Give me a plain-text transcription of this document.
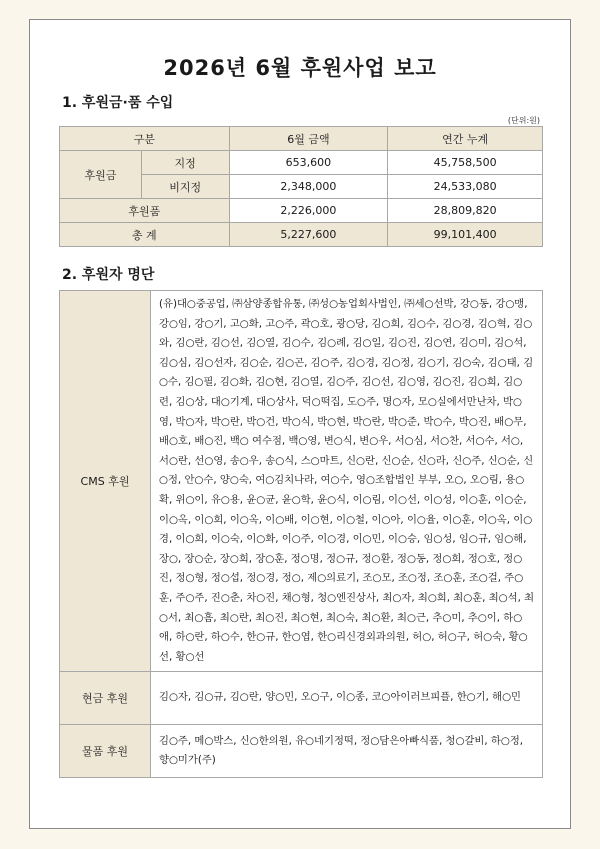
2026년 6월 후원사업 보고
1. 후원금·품 수입
(단위:원)
구분		6월 금액	연간 누계
후원금	지정	653,600	45,758,500
	비지정	2,348,000	24,533,080
후원품		2,226,000	28,809,820
총 계		5,227,600	99,101,400
2. 후원자 명단
CMS 후원	(유)대○중공업, ㈜삼양종합유통, ㈜성○농업회사법인, ㈜세○선박, 강○동, 강○맹, 강○임, 강○기, 고○화, 고○주, 곽○호, 광○당, 김○희, 김○수, 김○경, 김○혁, 김○와, 김○란, 김○선, 김○열, 김○수, 김○례, 김○일, 김○진, 김○연, 김○미, 김○석, 김○심, 김○선자, 김○순, 김○곤, 김○주, 김○경, 김○정, 김○기, 김○숙, 김○태, 김○수, 김○필, 김○화, 김○현, 김○열, 김○주, 김○선, 김○영, 김○진, 김○희, 김○련, 김○상, 대○기계, 대○상사, 덕○떡집, 도○주, 명○자, 모○실에서만난차, 박○영, 박○자, 박○란, 박○건, 박○식, 박○현, 박○란, 박○준, 박○수, 박○진, 배○무, 배○호, 배○진, 백○ 여수점, 백○영, 변○식, 변○우, 서○심, 서○찬, 서○수, 서○, 서○란, 선○영, 송○우, 송○식, 스○마트, 신○란, 신○순, 신○라, 신○주, 신○순, 신○정, 안○수, 양○숙, 여○김치나라, 여○수, 영○조합법인 부부, 오○, 오○림, 용○확, 위○이, 유○용, 윤○균, 윤○학, 윤○식, 이○림, 이○선, 이○성, 이○훈, 이○순, 이○옥, 이○희, 이○옥, 이○배, 이○현, 이○철, 이○아, 이○율, 이○훈, 이○옥, 이○경, 이○희, 이○숙, 이○화, 이○주, 이○경, 이○민, 이○승, 임○성, 임○규, 임○해, 장○, 장○순, 장○희, 장○훈, 정○명, 정○규, 정○환, 정○동, 정○희, 정○호, 정○진, 정○형, 정○섭, 정○경, 정○, 제○의료기, 조○모, 조○정, 조○훈, 조○걸, 주○훈, 주○주, 진○춘, 차○진, 채○형, 청○엔진상사, 최○자, 최○희, 최○훈, 최○석, 최○서, 최○흠, 최○란, 최○진, 최○현, 최○숙, 최○환, 최○근, 추○미, 추○이, 하○애, 하○란, 하○수, 한○규, 한○엽, 한○리신경외과의원, 허○, 허○구, 허○숙, 황○선, 황○선
현금 후원	김○자, 김○규, 김○란, 양○민, 오○구, 이○종, 코○아이러브피플, 한○기, 해○민
물품 후원	김○주, 메○박스, 신○한의원, 유○네기정떡, 정○담은아빠식품, 청○갈비, 하○정, 향○미가(주)
